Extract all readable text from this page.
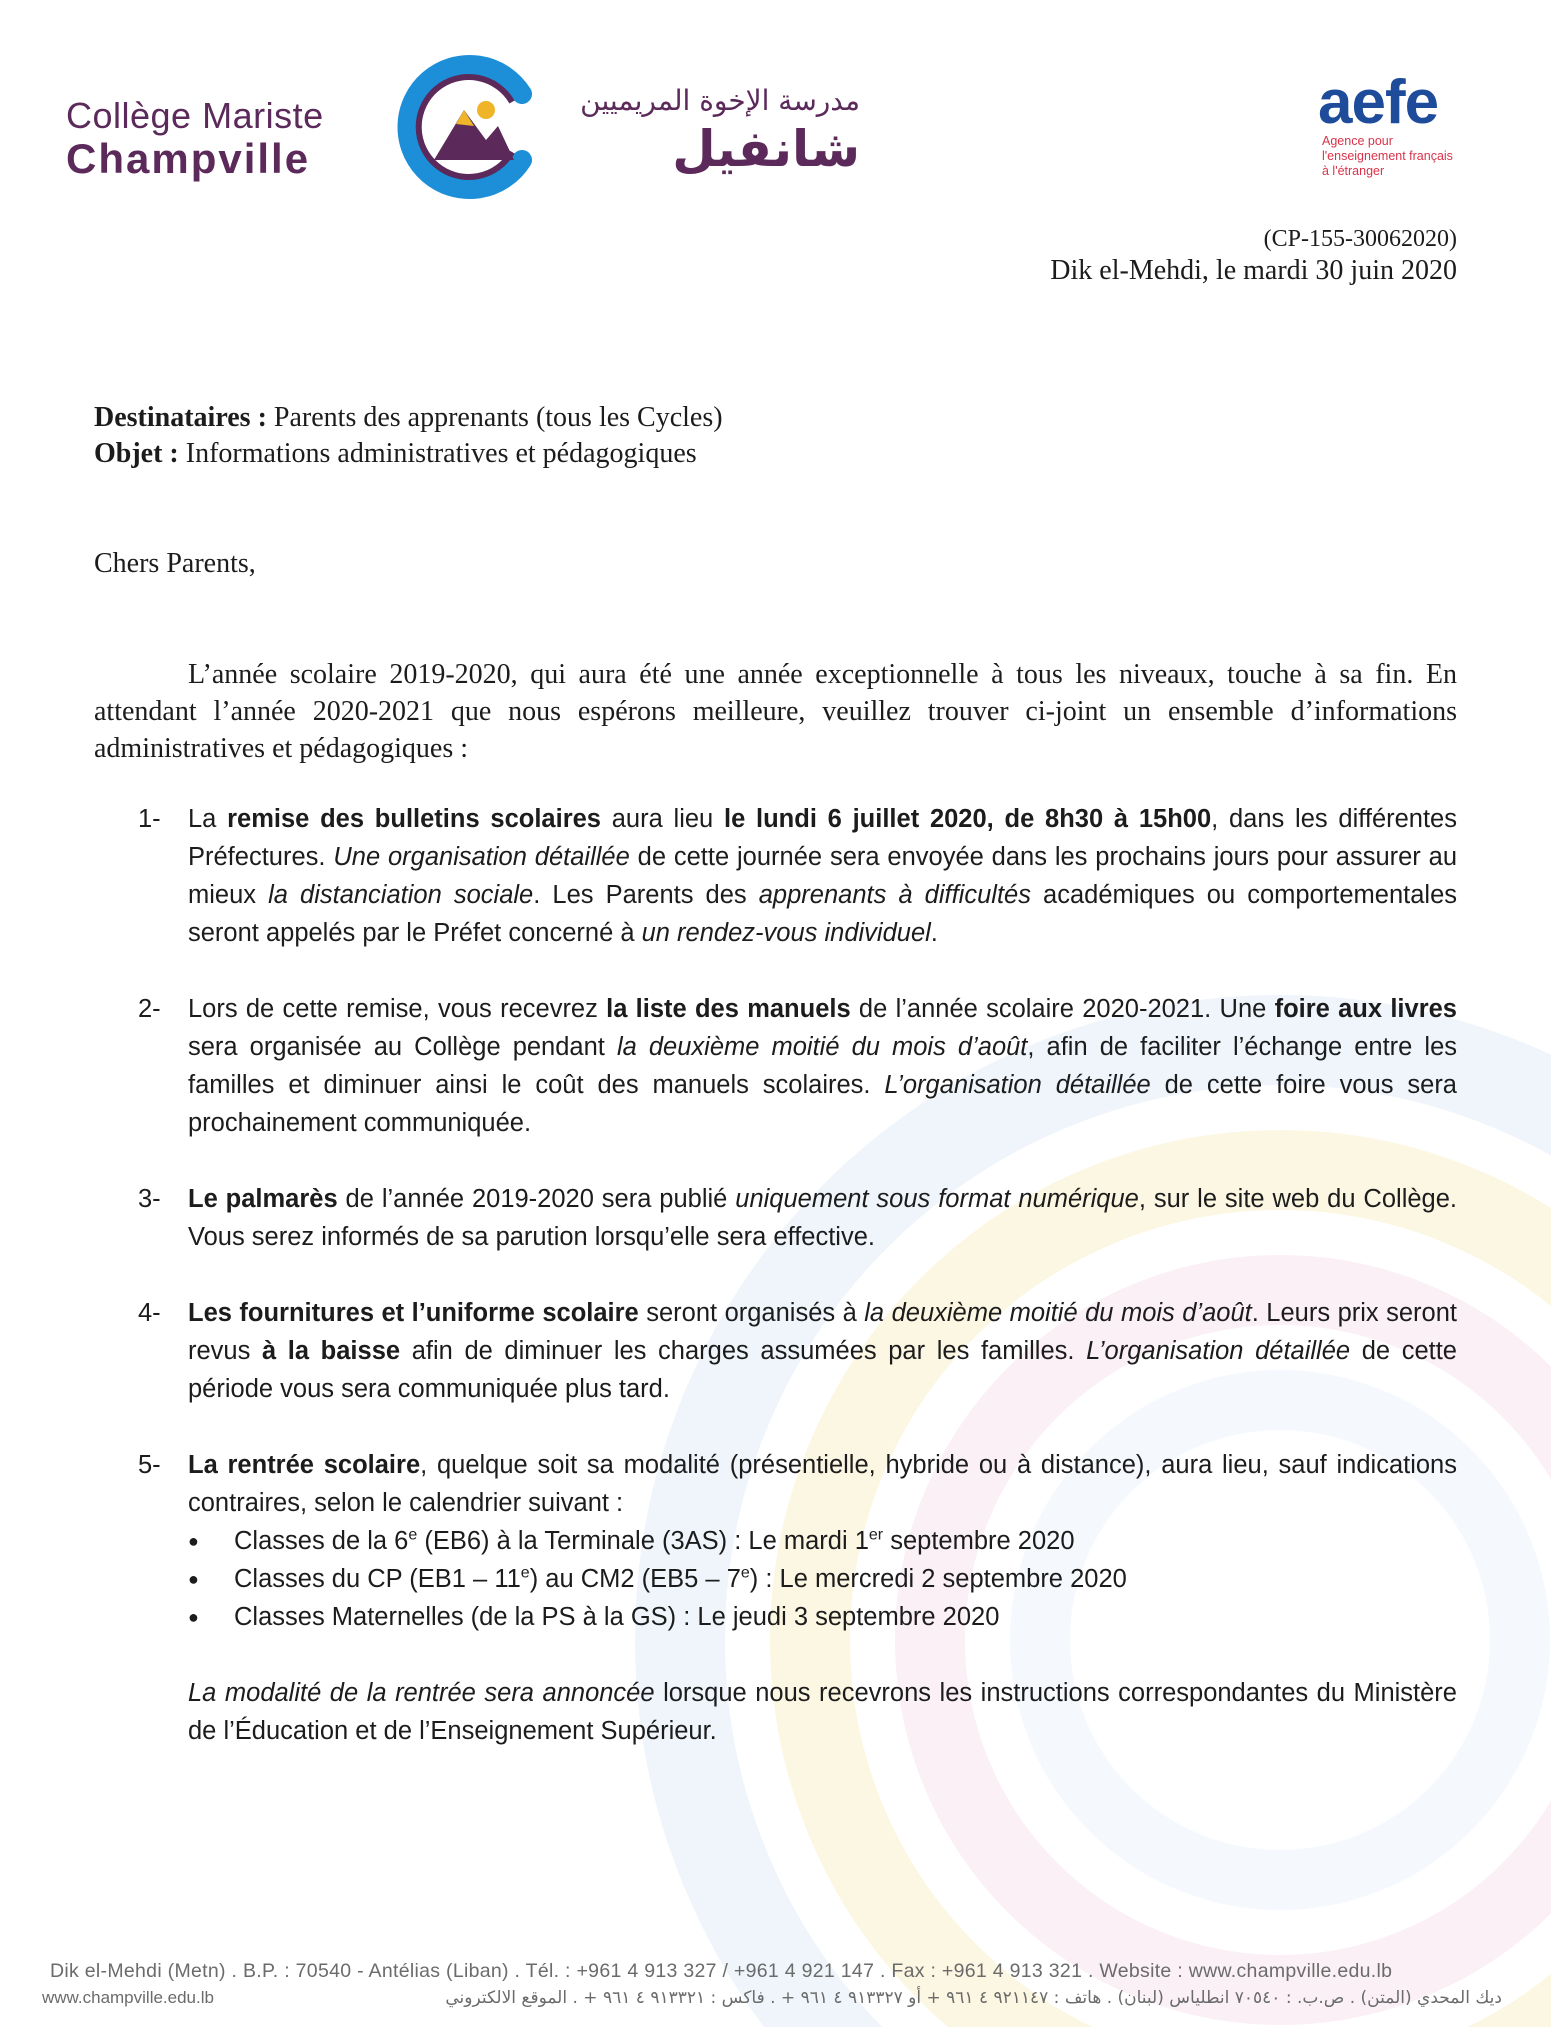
Collège Mariste
Champville
مدرسة الإخوة المريميين
شانفيل
aefe
Agence pour
l'enseignement français
à l'étranger
(CP-155-30062020)
Dik el-Mehdi, le mardi 30 juin 2020
Destinataires : Parents des apprenants (tous les Cycles)
Objet : Informations administratives et pédagogiques
Chers Parents,
L’année scolaire 2019-2020, qui aura été une année exceptionnelle à tous les niveaux, touche à sa fin. En attendant l’année 2020-2021 que nous espérons meilleure, veuillez trouver ci-joint un ensemble d’informations administratives et pédagogiques :
1- La remise des bulletins scolaires aura lieu le lundi 6 juillet 2020, de 8h30 à 15h00, dans les différentes Préfectures. Une organisation détaillée de cette journée sera envoyée dans les prochains jours pour assurer au mieux la distanciation sociale. Les Parents des apprenants à difficultés académiques ou comportementales seront appelés par le Préfet concerné à un rendez-vous individuel.
2- Lors de cette remise, vous recevrez la liste des manuels de l’année scolaire 2020-2021. Une foire aux livres sera organisée au Collège pendant la deuxième moitié du mois d’août, afin de faciliter l’échange entre les familles et diminuer ainsi le coût des manuels scolaires. L’organisation détaillée de cette foire vous sera prochainement communiquée.
3- Le palmarès de l’année 2019-2020 sera publié uniquement sous format numérique, sur le site web du Collège. Vous serez informés de sa parution lorsqu’elle sera effective.
4- Les fournitures et l’uniforme scolaire seront organisés à la deuxième moitié du mois d’août. Leurs prix seront revus à la baisse afin de diminuer les charges assumées par les familles. L’organisation détaillée de cette période vous sera communiquée plus tard.
5- La rentrée scolaire, quelque soit sa modalité (présentielle, hybride ou à distance), aura lieu, sauf indications contraires, selon le calendrier suivant :
● Classes de la 6e (EB6) à la Terminale (3AS) : Le mardi 1er septembre 2020
● Classes du CP (EB1 – 11e) au CM2 (EB5 – 7e) : Le mercredi 2 septembre 2020
● Classes Maternelles (de la PS à la GS) : Le jeudi 3 septembre 2020
La modalité de la rentrée sera annoncée lorsque nous recevrons les instructions correspondantes du Ministère de l’Éducation et de l’Enseignement Supérieur.
Dik el-Mehdi (Metn) . B.P. : 70540 - Antélias (Liban) . Tél. : +961 4 913 327 / +961 4 921 147 . Fax : +961 4 913 321 . Website : www.champville.edu.lb
www.champville.edu.lb	ديك المحدي (المتن) . ص.ب. : ٧٠٥٤٠ انطلياس (لبنان) . هاتف : ٩٢١١٤٧ ٤ ٩٦١ + أو ٩١٣٣٢٧ ٤ ٩٦١ + . فاكس : ٩١٣٣٢١ ٤ ٩٦١ + . الموقع الالكتروني
